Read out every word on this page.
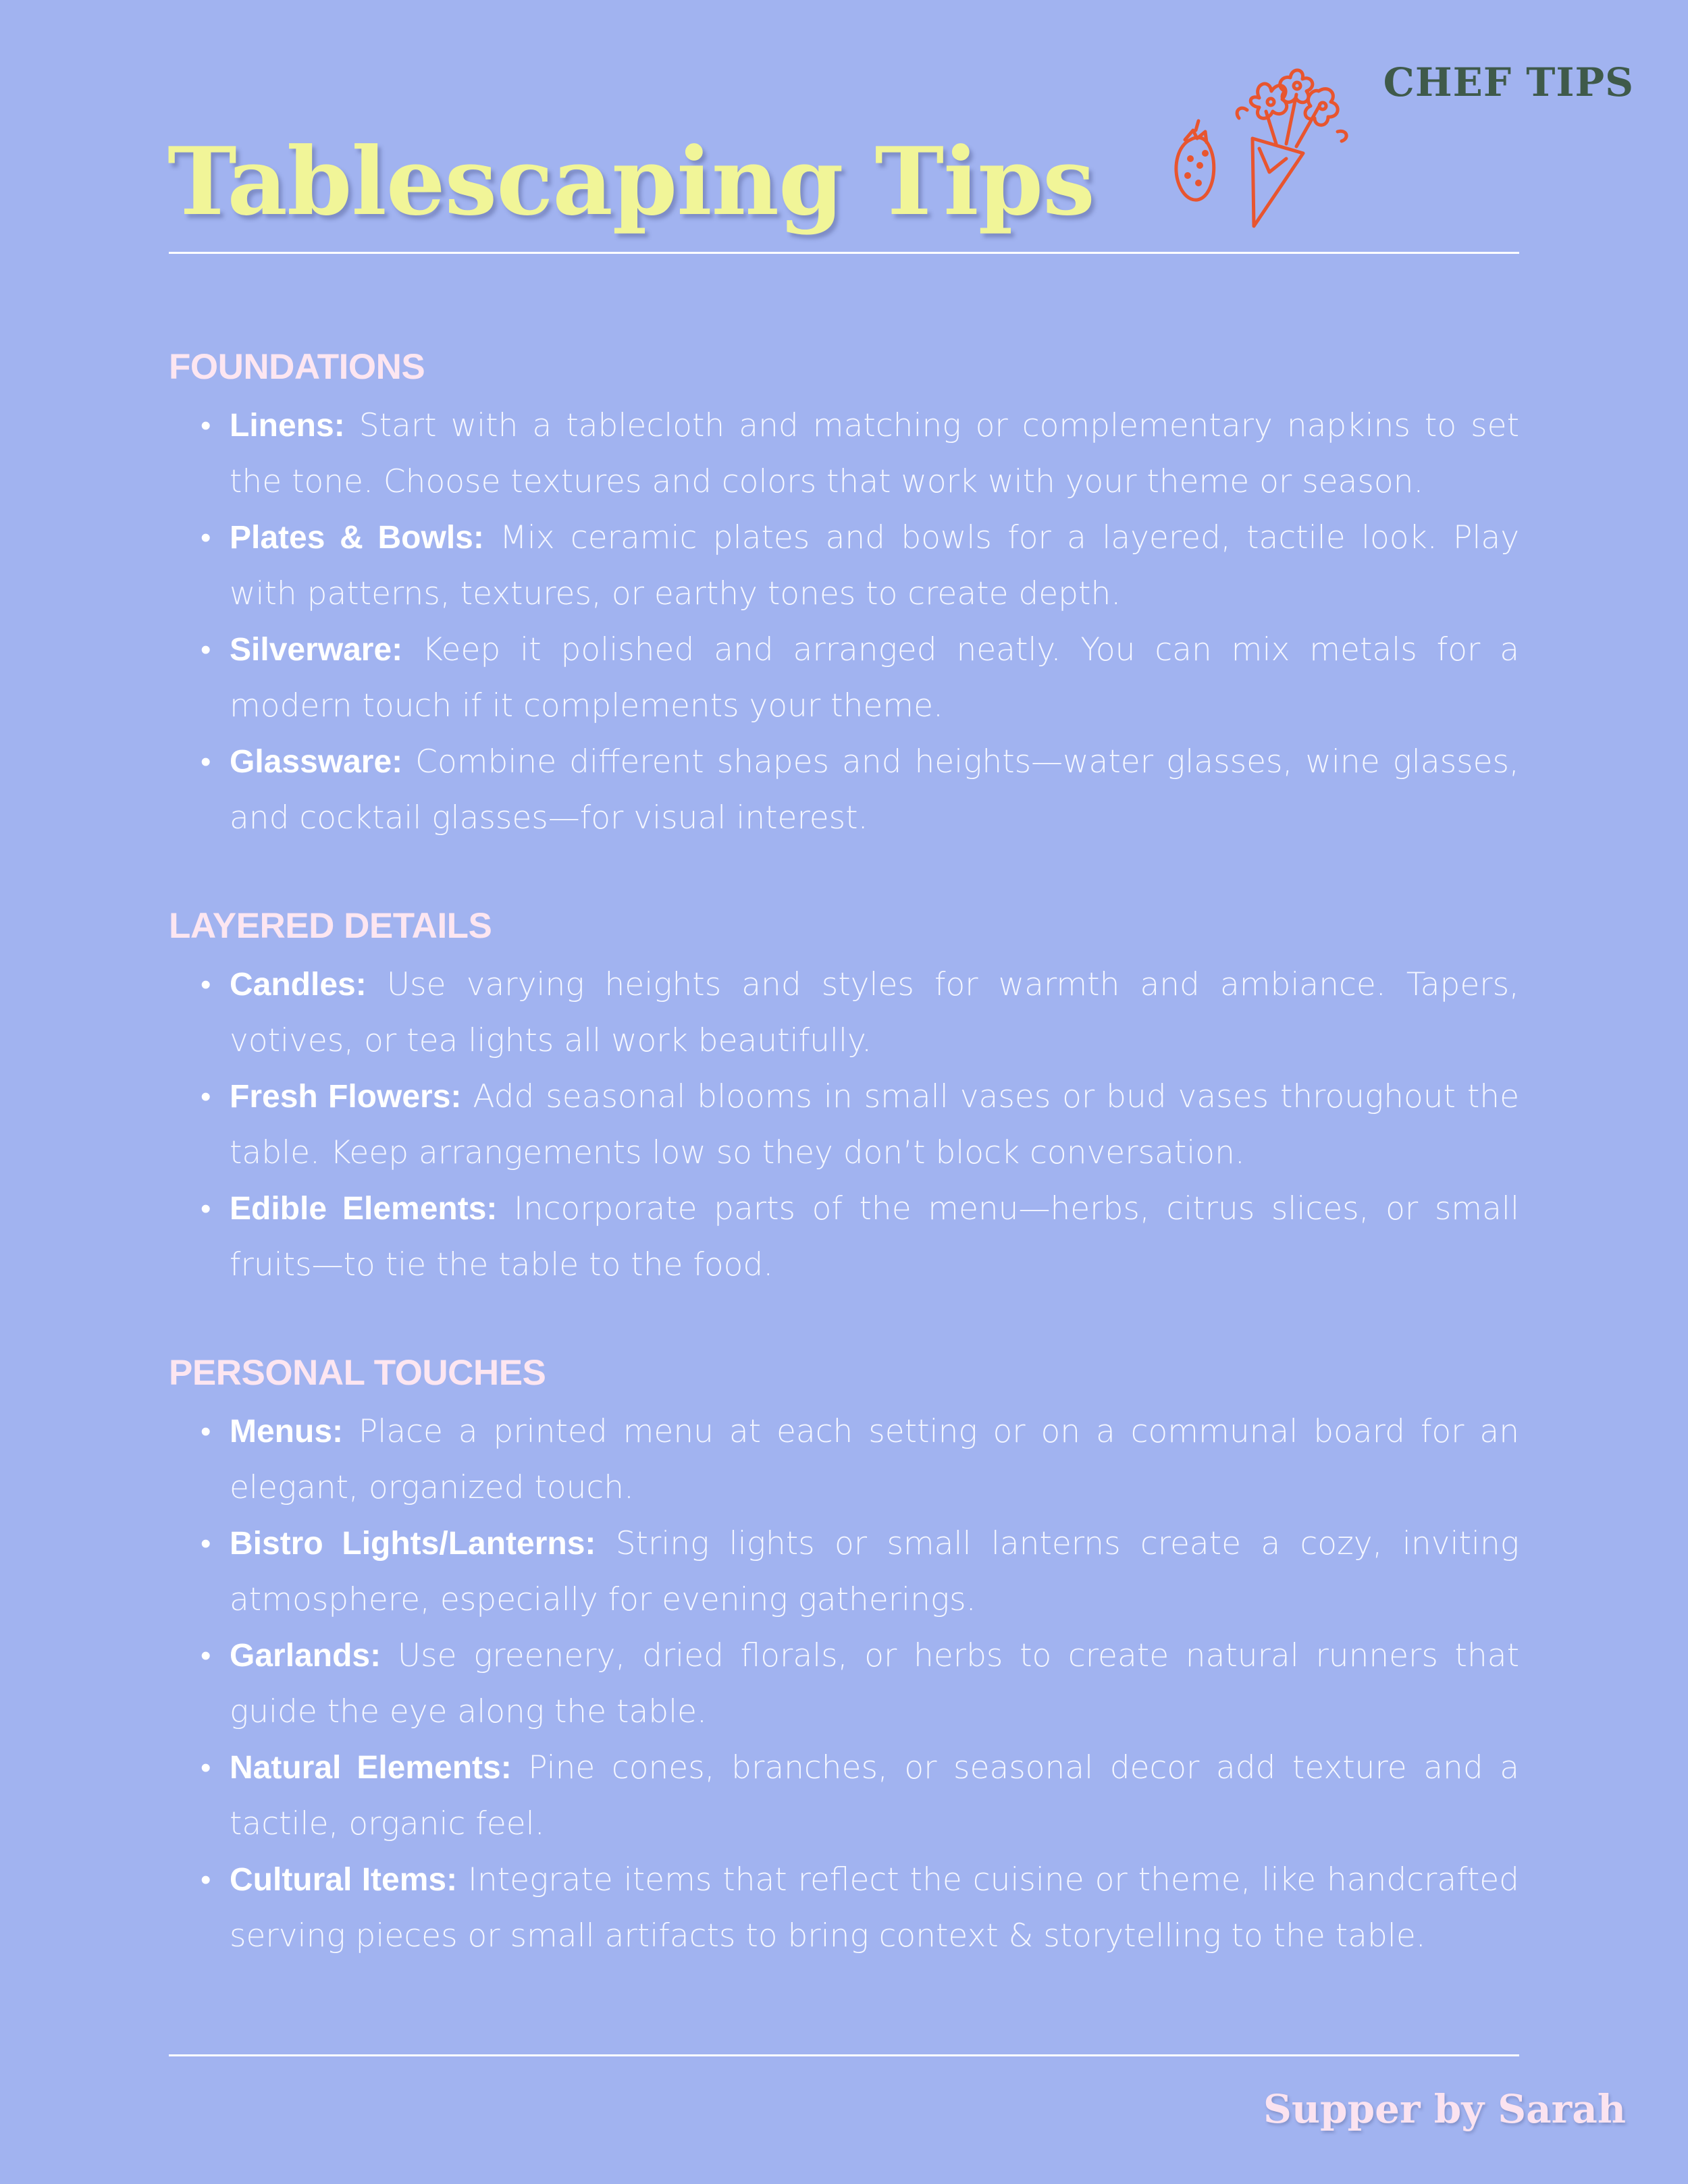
CHEF TIPS
Tablescaping Tips
FOUNDATIONS
• Linens: Start with a tablecloth and matching or complementary napkins to set the tone. Choose textures and colors that work with your theme or season.
• Plates & Bowls: Mix ceramic plates and bowls for a layered, tactile look. Play with patterns, textures, or earthy tones to create depth.
• Silverware: Keep it polished and arranged neatly. You can mix metals for a modern touch if it complements your theme.
• Glassware: Combine different shapes and heights—water glasses, wine glasses, and cocktail glasses—for visual interest.
LAYERED DETAILS
• Candles: Use varying heights and styles for warmth and ambiance. Tapers, votives, or tea lights all work beautifully.
• Fresh Flowers: Add seasonal blooms in small vases or bud vases throughout the table. Keep arrangements low so they don’t block conversation.
• Edible Elements: Incorporate parts of the menu—herbs, citrus slices, or small fruits—to tie the table to the food.
PERSONAL TOUCHES
• Menus: Place a printed menu at each setting or on a communal board for an elegant, organized touch.
• Bistro Lights/Lanterns: String lights or small lanterns create a cozy, inviting atmosphere, especially for evening gatherings.
• Garlands: Use greenery, dried florals, or herbs to create natural runners that guide the eye along the table.
• Natural Elements: Pine cones, branches, or seasonal decor add texture and a tactile, organic feel.
• Cultural Items: Integrate items that reflect the cuisine or theme, like handcrafted serving pieces or small artifacts to bring context & storytelling to the table.
Supper by Sarah
